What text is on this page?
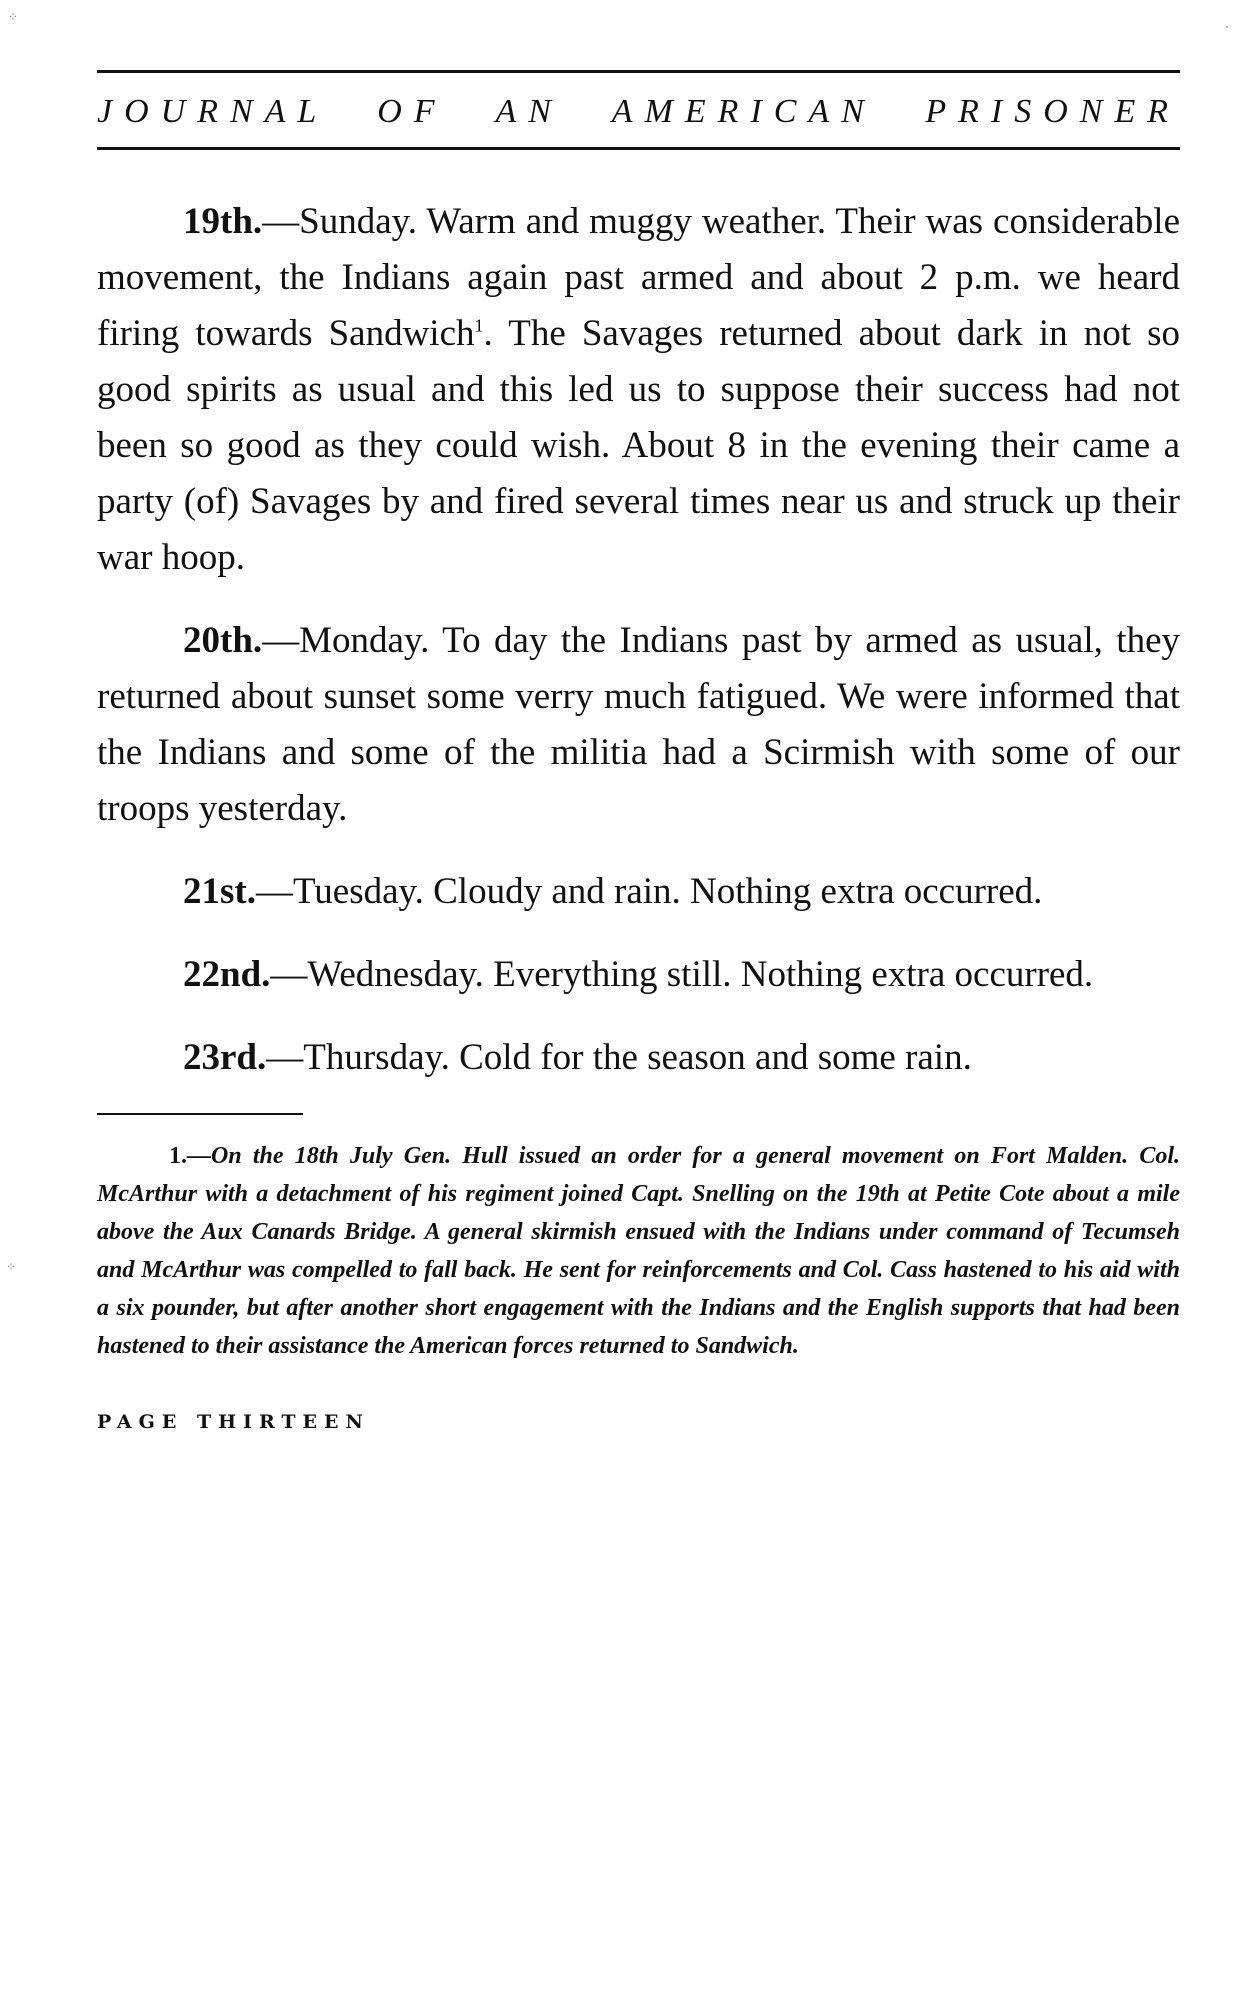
JOURNAL OF AN AMERICAN PRISONER

19th.—Sunday. Warm and muggy weather. Their was considerable movement, the Indians again past armed and about 2 p.m. we heard firing towards Sandwich$^1$. The Savages returned about dark in not so good spirits as usual and this led us to suppose their success had not been so good as they could wish. About 8 in the evening their came a party (of) Savages by and fired several times near us and struck up their war hoop.

20th.—Monday. To day the Indians past by armed as usual, they returned about sunset some verry much fatigued. We were informed that the Indians and some of the militia had a Scirmish with some of our troops yesterday.

21st.—Tuesday. Cloudy and rain. Nothing extra occurred.

22nd.—Wednesday. Everything still. Nothing extra occurred.

23rd.—Thursday. Cold for the season and some rain.

1.—On the 18th July Gen. Hull issued an order for a general movement on Fort Malden. Col. McArthur with a detachment of his regiment joined Capt. Snelling on the 19th at Petite Cote about a mile above the Aux Canards Bridge. A general skirmish ensued with the Indians under command of Tecumseh and McArthur was compelled to fall back. He sent for reinforcements and Col. Cass hastened to his aid with a six pounder, but after another short engagement with the Indians and the English supports that had been hastened to their assistance the American forces returned to Sandwich.

PAGE THIRTEEN
⁘
⁘
·
